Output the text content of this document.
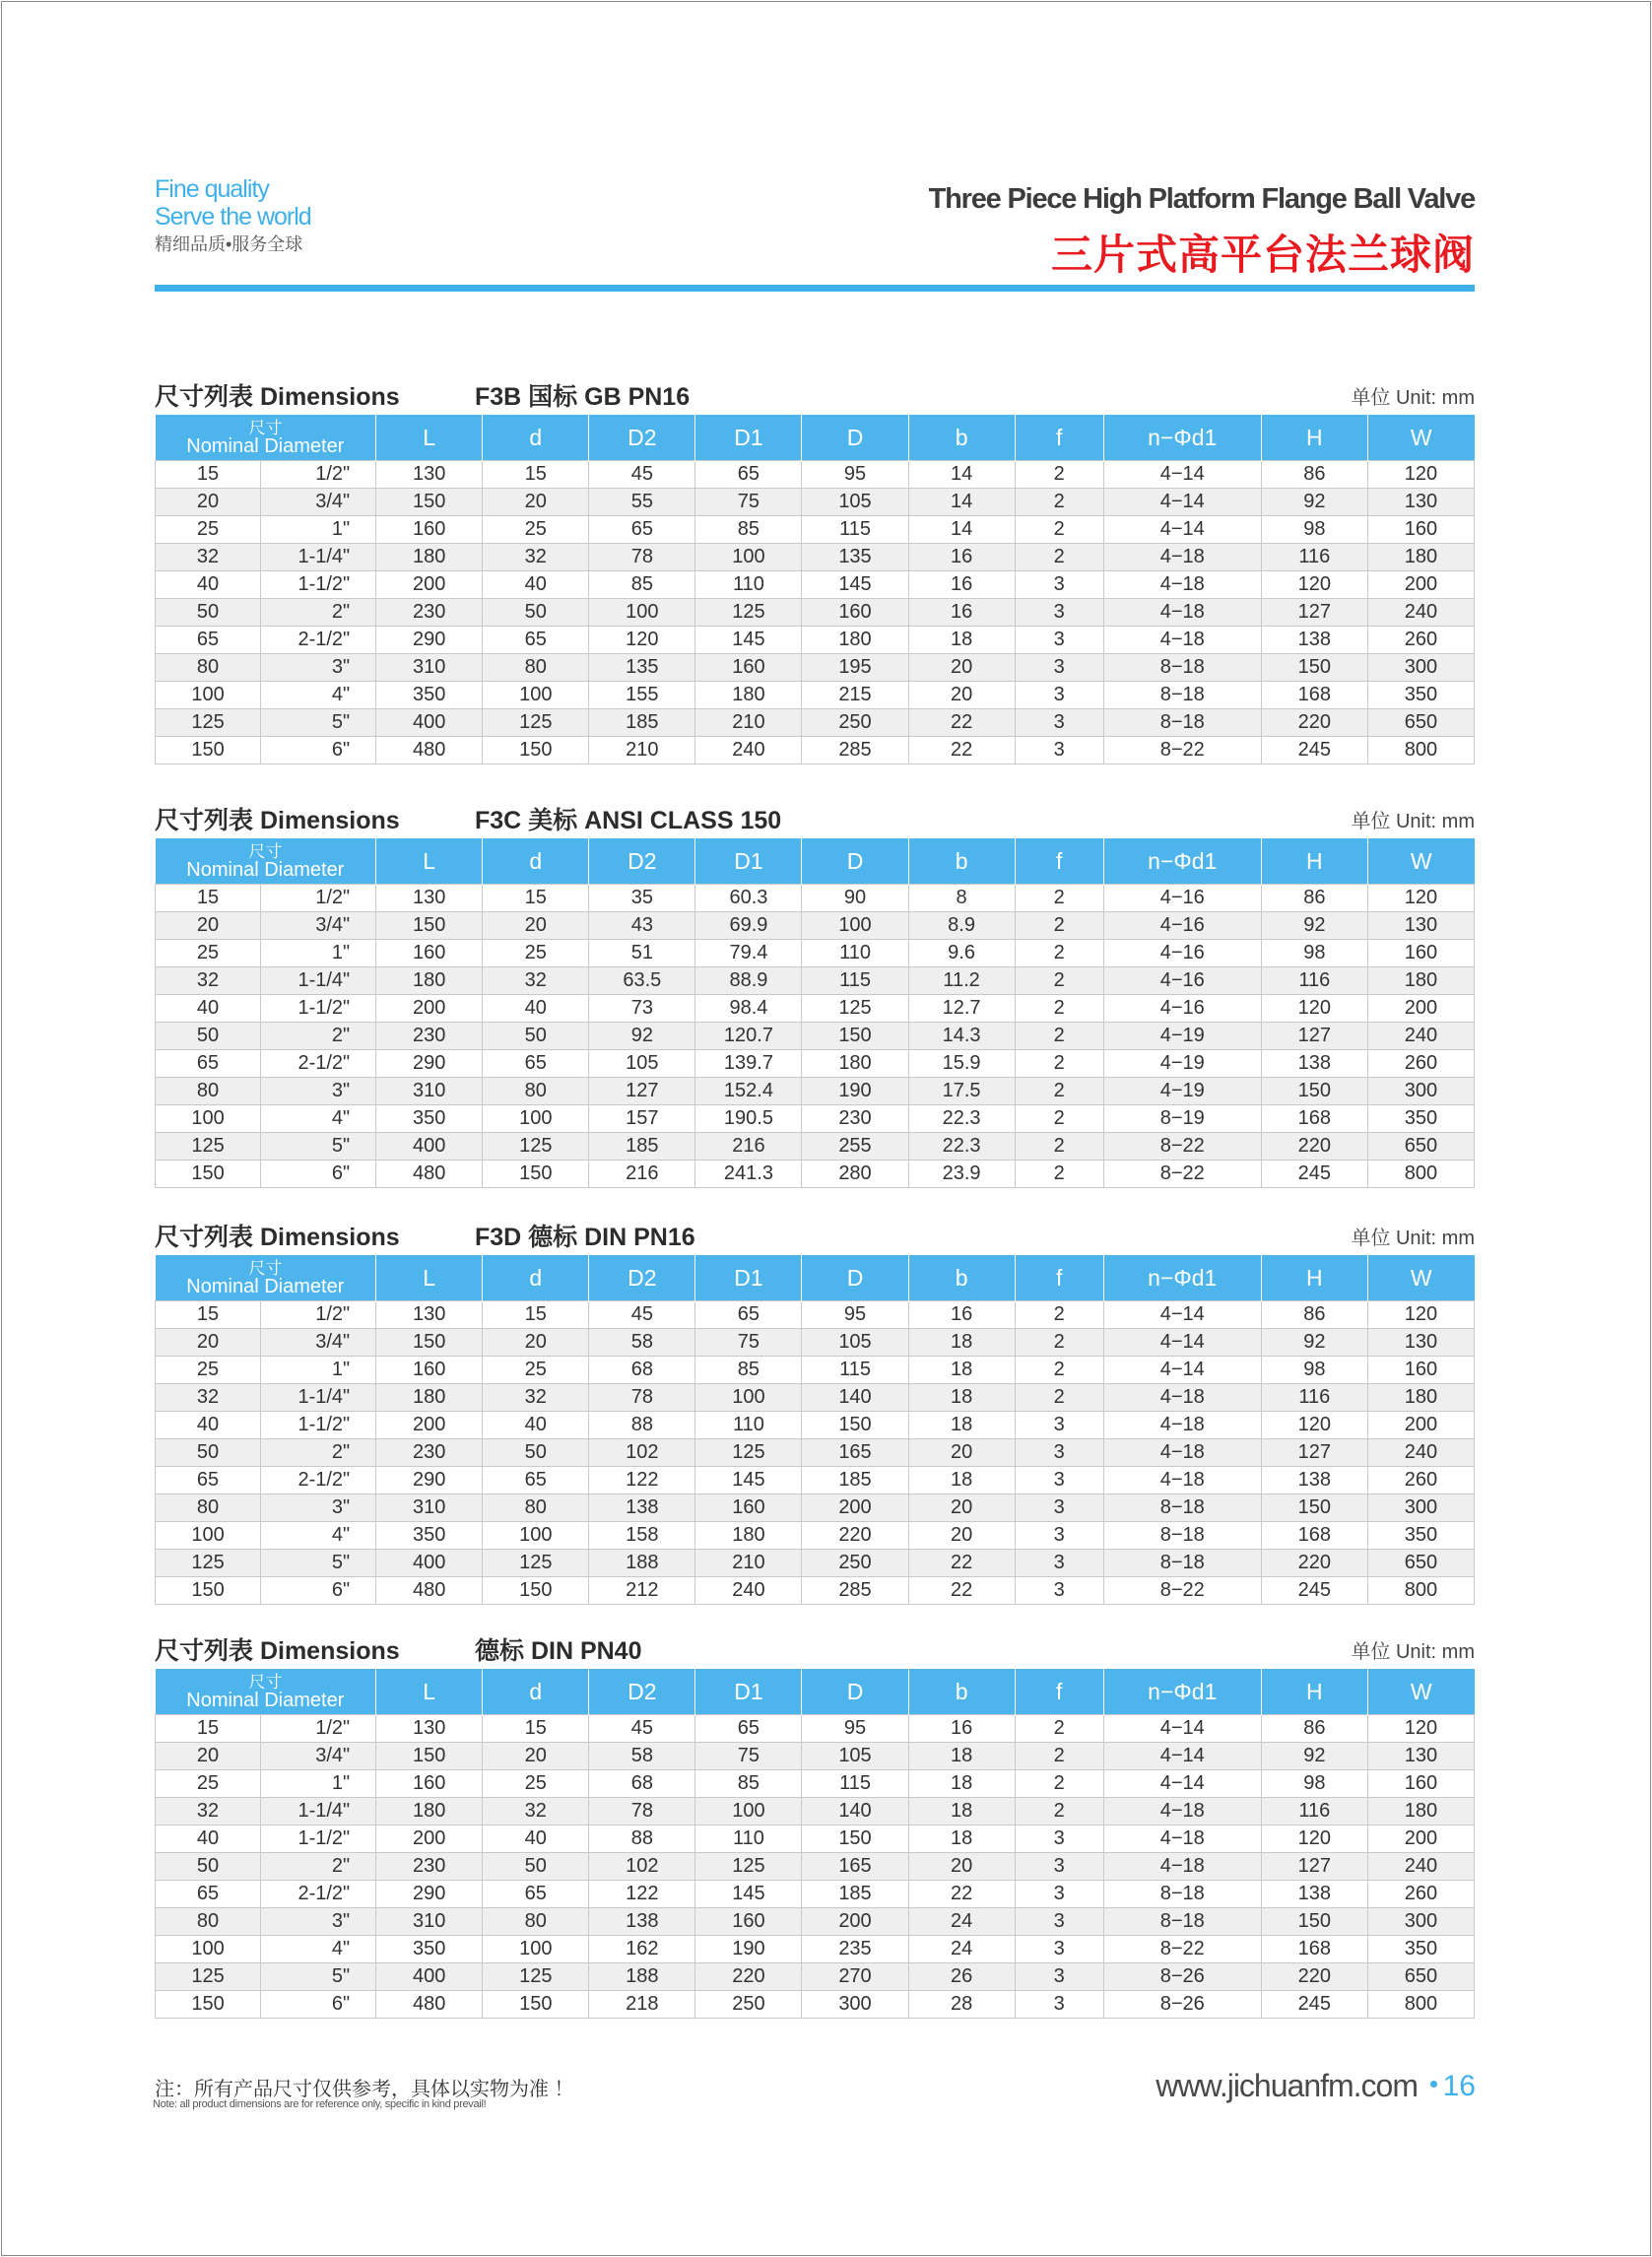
Fine quality
Serve the world
精细品质•服务全球
Three Piece High Platform Flange Ball Valve
三片式高平台法兰球阀
尺寸列表 Dimensions	F3B 国标 GB PN16	单位 Unit: mm
尺寸
Nominal Diameter		L	d	D2	D1	D	b	f	n−Φd1	H	W
15	1/2"	130	15	45	65	95	14	2	4−14	86	120
20	3/4"	150	20	55	75	105	14	2	4−14	92	130
25	1"	160	25	65	85	115	14	2	4−14	98	160
32	1-1/4"	180	32	78	100	135	16	2	4−18	116	180
40	1-1/2"	200	40	85	110	145	16	3	4−18	120	200
50	2"	230	50	100	125	160	16	3	4−18	127	240
65	2-1/2"	290	65	120	145	180	18	3	4−18	138	260
80	3"	310	80	135	160	195	20	3	8−18	150	300
100	4"	350	100	155	180	215	20	3	8−18	168	350
125	5"	400	125	185	210	250	22	3	8−18	220	650
150	6"	480	150	210	240	285	22	3	8−22	245	800
尺寸列表 Dimensions	F3C 美标 ANSI CLASS 150	单位 Unit: mm
尺寸
Nominal Diameter		L	d	D2	D1	D	b	f	n−Φd1	H	W
15	1/2"	130	15	35	60.3	90	8	2	4−16	86	120
20	3/4"	150	20	43	69.9	100	8.9	2	4−16	92	130
25	1"	160	25	51	79.4	110	9.6	2	4−16	98	160
32	1-1/4"	180	32	63.5	88.9	115	11.2	2	4−16	116	180
40	1-1/2"	200	40	73	98.4	125	12.7	2	4−16	120	200
50	2"	230	50	92	120.7	150	14.3	2	4−19	127	240
65	2-1/2"	290	65	105	139.7	180	15.9	2	4−19	138	260
80	3"	310	80	127	152.4	190	17.5	2	4−19	150	300
100	4"	350	100	157	190.5	230	22.3	2	8−19	168	350
125	5"	400	125	185	216	255	22.3	2	8−22	220	650
150	6"	480	150	216	241.3	280	23.9	2	8−22	245	800
尺寸列表 Dimensions	F3D 德标 DIN PN16	单位 Unit: mm
尺寸
Nominal Diameter		L	d	D2	D1	D	b	f	n−Φd1	H	W
15	1/2"	130	15	45	65	95	16	2	4−14	86	120
20	3/4"	150	20	58	75	105	18	2	4−14	92	130
25	1"	160	25	68	85	115	18	2	4−14	98	160
32	1-1/4"	180	32	78	100	140	18	2	4−18	116	180
40	1-1/2"	200	40	88	110	150	18	3	4−18	120	200
50	2"	230	50	102	125	165	20	3	4−18	127	240
65	2-1/2"	290	65	122	145	185	18	3	4−18	138	260
80	3"	310	80	138	160	200	20	3	8−18	150	300
100	4"	350	100	158	180	220	20	3	8−18	168	350
125	5"	400	125	188	210	250	22	3	8−18	220	650
150	6"	480	150	212	240	285	22	3	8−22	245	800
尺寸列表 Dimensions	德标 DIN PN40	单位 Unit: mm
尺寸
Nominal Diameter		L	d	D2	D1	D	b	f	n−Φd1	H	W
15	1/2"	130	15	45	65	95	16	2	4−14	86	120
20	3/4"	150	20	58	75	105	18	2	4−14	92	130
25	1"	160	25	68	85	115	18	2	4−14	98	160
32	1-1/4"	180	32	78	100	140	18	2	4−18	116	180
40	1-1/2"	200	40	88	110	150	18	3	4−18	120	200
50	2"	230	50	102	125	165	20	3	4−18	127	240
65	2-1/2"	290	65	122	145	185	22	3	8−18	138	260
80	3"	310	80	138	160	200	24	3	8−18	150	300
100	4"	350	100	162	190	235	24	3	8−22	168	350
125	5"	400	125	188	220	270	26	3	8−26	220	650
150	6"	480	150	218	250	300	28	3	8−26	245	800
注：所有产品尺寸仅供参考，具体以实物为准 ！
Note: all product dimensions are for reference only, specific in kind prevail!
www.jichuanfm.com 16
